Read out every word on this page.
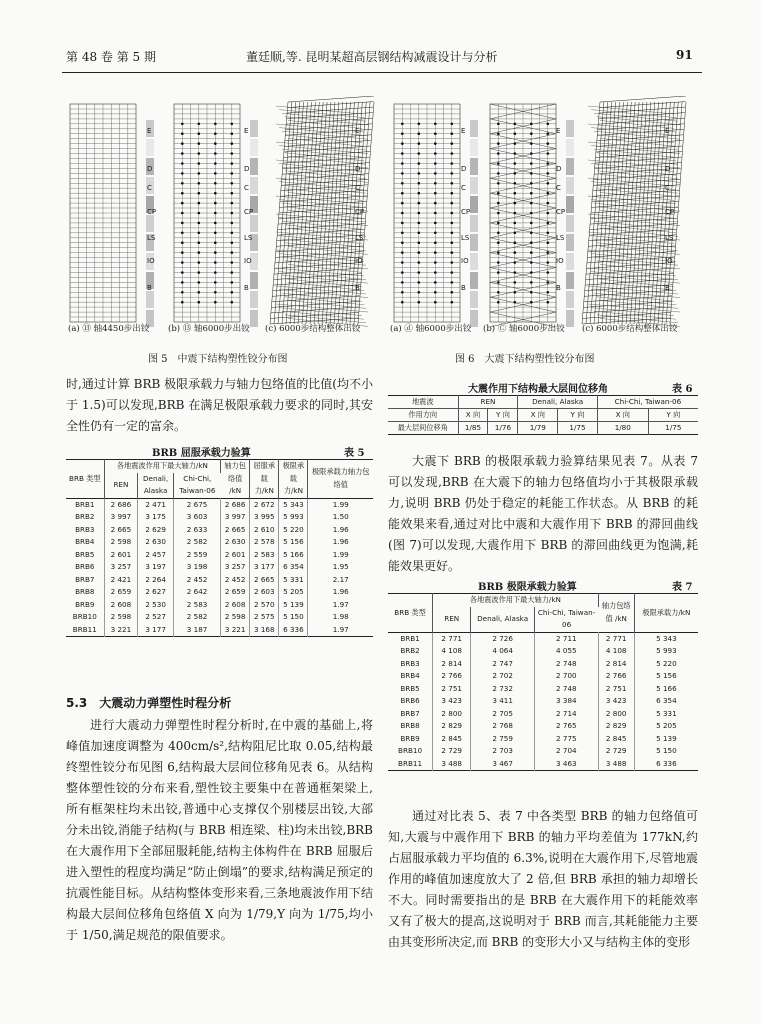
第 48 卷 第 5 期	董廷顺,等. 昆明某超高层钢结构减震设计与分析	91
E
D
C
CP
LS
IO
B
E
D
C
CP
LS
IO
B
E
D
C
CP
LS
IO
B
E
D
C
CP
LS
IO
B
E
D
C
CP
LS
IO
B
E
D
C
CP
LS
IO
B
(a) ⑬ 轴4450步出铰 (b) ⑬ 轴6000步出铰 (c) 6000步结构整体出铰	(a) ⓓ 轴6000步出铰 (b) Ⓒ 轴6000步出铰 (c) 6000步结构整体出铰
图 5　中震下结构塑性铰分布图	图 6　大震下结构塑性铰分布图

时,通过计算 BRB 极限承载力与轴力包络值的比值(均不小于 1.5)可以发现,BRB 在满足极限承载力要求的同时,其安全性仍有一定的富余。

BRB 屈服承载力验算	表 5
BRB 类型	各地震波作用下最大轴力/kN			轴力包络值 /kN	屈服承载力/kN	极限承载力/kN	极限承载力轴力包络值
	REN	Denali, Alaska	Chi-Chi, Taiwan-06				
BRB1	2 686	2 471	2 675	2 686	2 672	5 343	1.99
BRB2	3 997	3 175	3 603	3 997	3 995	5 993	1.50
BRB3	2 665	2 629	2 633	2 665	2 610	5 220	1.96
BRB4	2 598	2 630	2 582	2 630	2 578	5 156	1.96
BRB5	2 601	2 457	2 559	2 601	2 583	5 166	1.99
BRB6	3 257	3 197	3 198	3 257	3 177	6 354	1.95
BRB7	2 421	2 264	2 452	2 452	2 665	5 331	2.17
BRB8	2 659	2 627	2 642	2 659	2 603	5 205	1.96
BRB9	2 608	2 530	2 583	2 608	2 570	5 139	1.97
BRB10	2 598	2 527	2 582	2 598	2 575	5 150	1.98
BRB11	3 221	3 177	3 187	3 221	3 168	6 336	1.97
5.3　大震动力弹塑性时程分析

进行大震动力弹塑性时程分析时,在中震的基础上,将峰值加速度调整为 400cm/s²,结构阻尼比取 0.05,结构最终塑性铰分布见图 6,结构最大层间位移角见表 6。从结构整体塑性铰的分布来看,塑性铰主要集中在普通框架梁上,所有框架柱均未出铰,普通中心支撑仅个别楼层出铰,大部分未出铰,消能子结构(与 BRB 相连梁、柱)均未出铰,BRB 在大震作用下全部屈服耗能,结构主体构件在 BRB 屈服后进入塑性的程度均满足“防止倒塌”的要求,结构满足预定的抗震性能目标。从结构整体变形来看,三条地震波作用下结构最大层间位移角包络值 X 向为 1/79,Y 向为 1/75,均小于 1/50,满足规范的限值要求。

大震作用下结构最大层间位移角	表 6
地震波	REN		Denali, Alaska		Chi-Chi, Taiwan-06	
作用方向	X 向	Y 向	X 向	Y 向	X 向	Y 向
最大层间位移角	1/85	1/76	1/79	1/75	1/80	1/75

大震下 BRB 的极限承载力验算结果见表 7。从表 7 可以发现,BRB 在大震下的轴力包络值均小于其极限承载力,说明 BRB 仍处于稳定的耗能工作状态。从 BRB 的耗能效果来看,通过对比中震和大震作用下 BRB 的滞回曲线(图 7)可以发现,大震作用下 BRB 的滞回曲线更为饱满,耗能效果更好。

BRB 极限承载力验算	表 7
BRB 类型	各地震波作用下最大轴力/kN			轴力包络值 /kN	极限承载力/kN
	REN	Denali, Alaska	Chi-Chi, Taiwan-06		
BRB1	2 771	2 726	2 711	2 771	5 343
BRB2	4 108	4 064	4 055	4 108	5 993
BRB3	2 814	2 747	2 748	2 814	5 220
BRB4	2 766	2 702	2 700	2 766	5 156
BRB5	2 751	2 732	2 748	2 751	5 166
BRB6	3 423	3 411	3 384	3 423	6 354
BRB7	2 800	2 705	2 714	2 800	5 331
BRB8	2 829	2 768	2 765	2 829	5 205
BRB9	2 845	2 759	2 775	2 845	5 139
BRB10	2 729	2 703	2 704	2 729	5 150
BRB11	3 488	3 467	3 463	3 488	6 336

通过对比表 5、表 7 中各类型 BRB 的轴力包络值可知,大震与中震作用下 BRB 的轴力平均差值为 177kN,约占屈服承载力平均值的 6.3%,说明在大震作用下,尽管地震作用的峰值加速度放大了 2 倍,但 BRB 承担的轴力却增长不大。同时需要指出的是 BRB 在大震作用下的耗能效率又有了极大的提高,这说明对于 BRB 而言,其耗能能力主要由其变形所决定,而 BRB 的变形大小又与结构主体的变形
